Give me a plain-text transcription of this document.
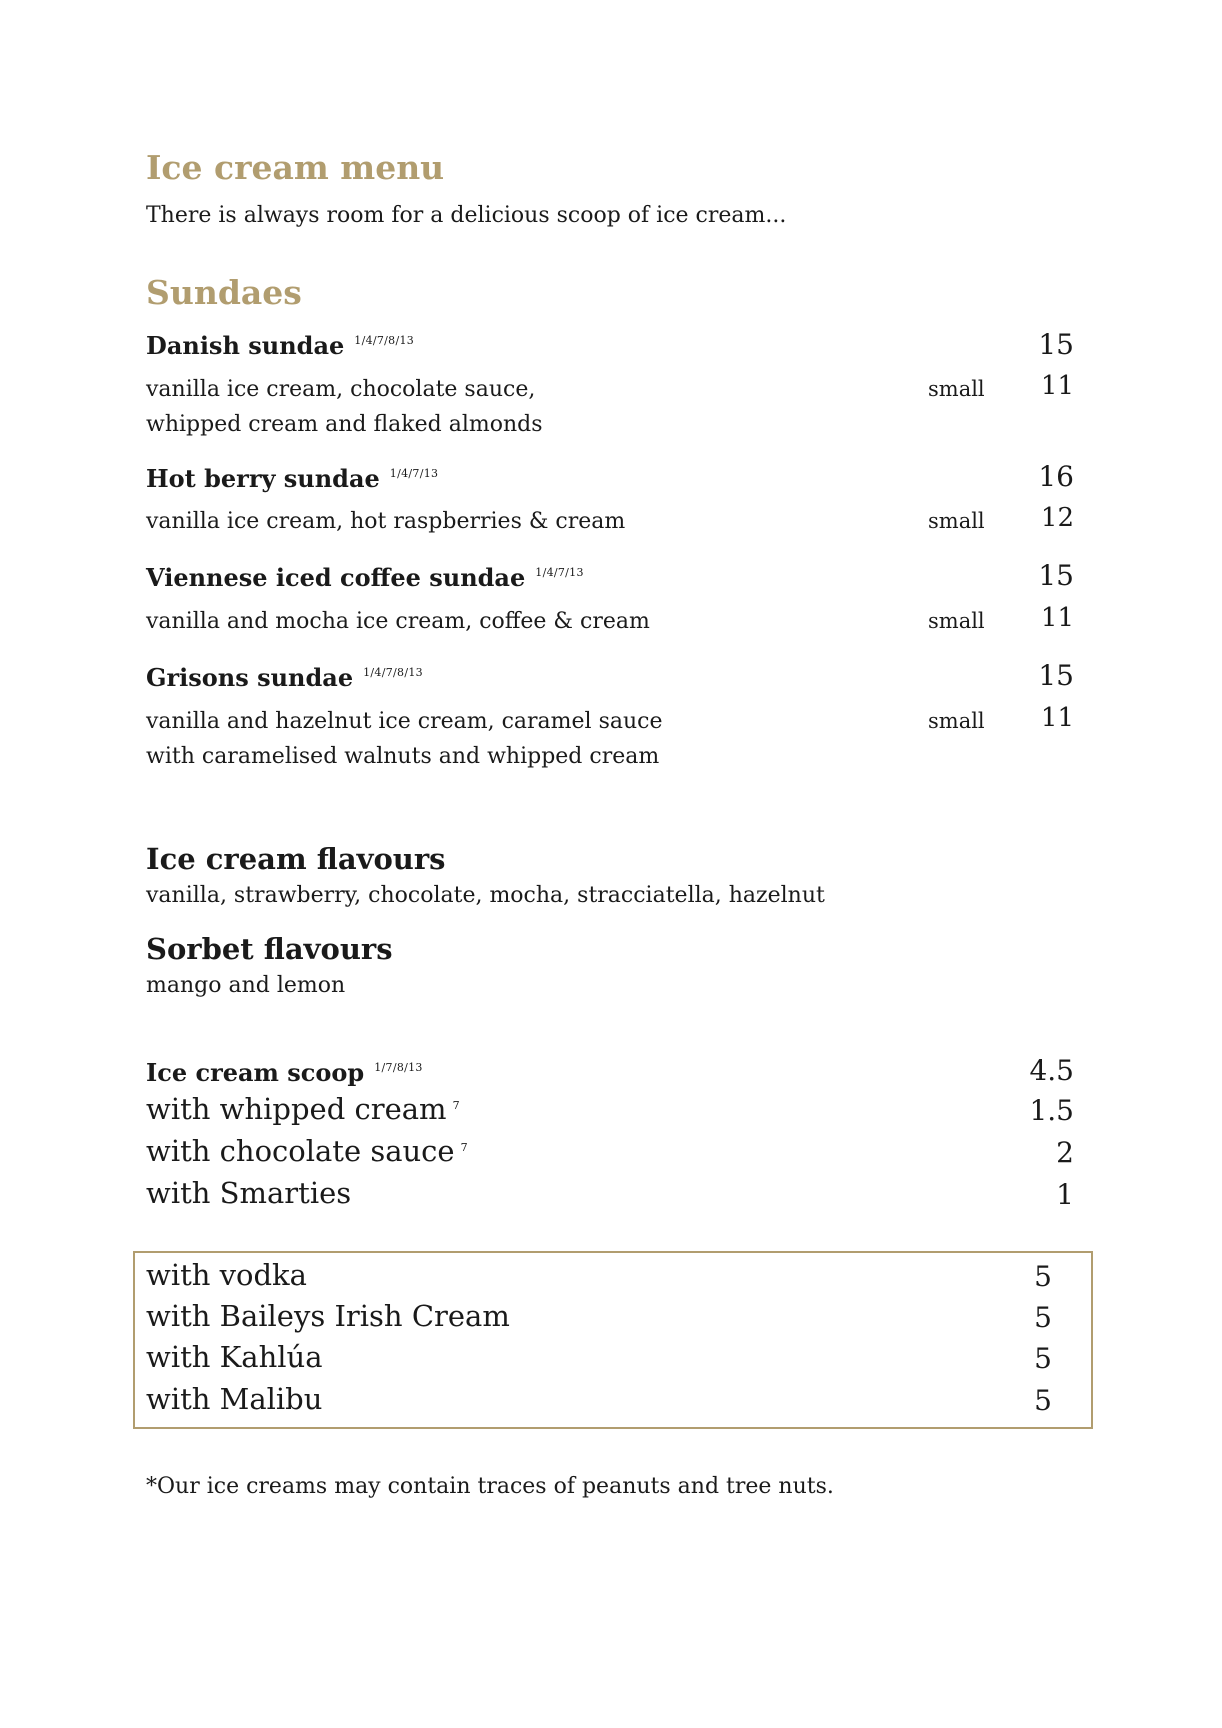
Ice cream menu
There is always room for a delicious scoop of ice cream...
Sundaes
Danish sundae $^{1/4/7/8/13}$	15
vanilla ice cream, chocolate sauce,
whipped cream and flaked almonds
small	11
Hot berry sundae $^{1/4/7/13}$	16
vanilla ice cream, hot raspberries & cream	small	12
Viennese iced coffee sundae $^{1/4/7/13}$	15
vanilla and mocha ice cream, coffee & cream	small	11
Grisons sundae $^{1/4/7/8/13}$	15
vanilla and hazelnut ice cream, caramel sauce
with caramelised walnuts and whipped cream
small	11
Ice cream flavours
vanilla, strawberry, chocolate, mocha, stracciatella, hazelnut
Sorbet flavours
mango and lemon
Ice cream scoop $^{1/7/8/13}$	4.5
with whipped cream $^7$	1.5
with chocolate sauce $^7$	2
with Smarties	1
with vodka	5
with Baileys Irish Cream	5
with Kahlúa	5
with Malibu	5
*Our ice creams may contain traces of peanuts and tree nuts.
